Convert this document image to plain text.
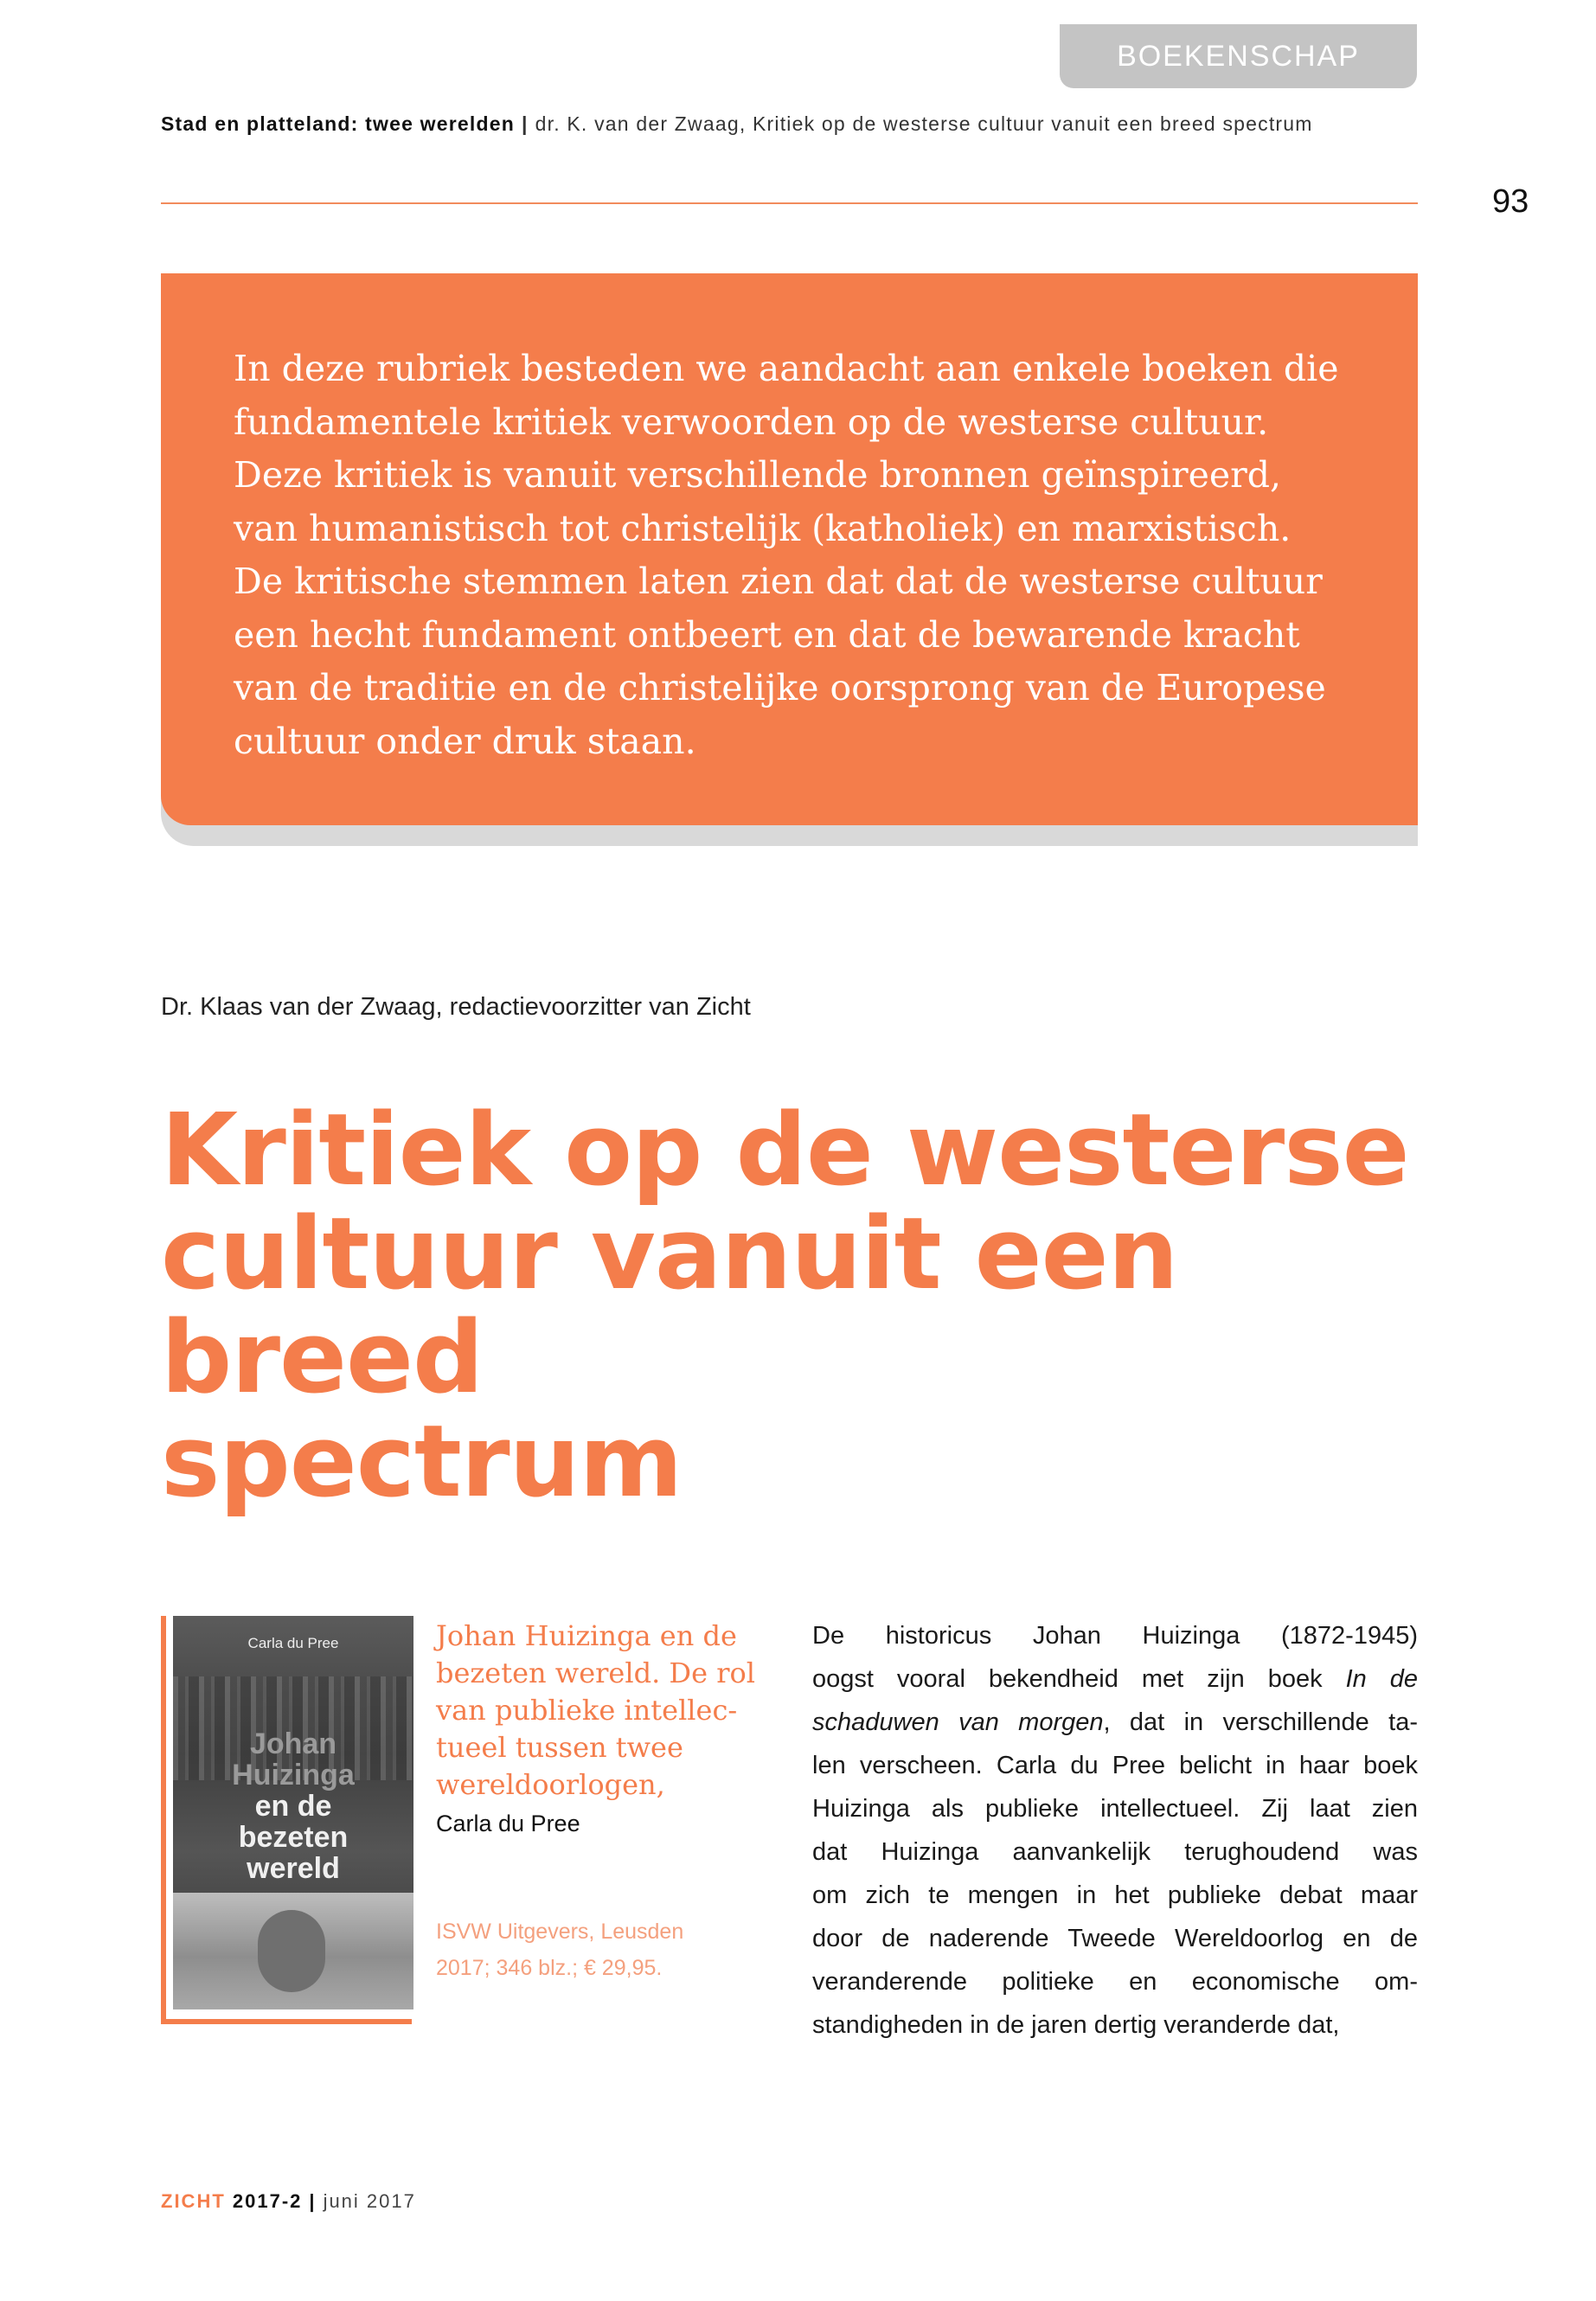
BOEKENSCHAP
Stad en platteland: twee werelden | dr. K. van der Zwaag, Kritiek op de westerse cultuur vanuit een breed spectrum
93
In deze rubriek besteden we aandacht aan enkele boeken die
fundamentele kritiek verwoorden op de westerse cultuur.
Deze kritiek is vanuit verschillende bronnen geïnspireerd,
van humanistisch tot christelijk (katholiek) en marxistisch.
De kritische stemmen laten zien dat dat de westerse cultuur
een hecht fundament ontbeert en dat de bewarende kracht
van de traditie en de christelijke oorsprong van de Europese
cultuur onder druk staan.
Dr. Klaas van der Zwaag, redactievoorzitter van Zicht
Kritiek op de westerse
cultuur vanuit een breed
spectrum
Carla du Pree
Johan
Huizinga
en de
bezeten
wereld
Johan Huizinga en de
bezeten wereld. De rol
van publieke intellec-
tueel tussen twee
wereldoorlogen,
Carla du Pree
ISVW Uitgevers, Leusden
2017; 346 blz.; € 29,95.
De historicus Johan Huizinga (1872-1945)
oogst vooral bekendheid met zijn boek In de
schaduwen van morgen, dat in verschillende ta-
len verscheen. Carla du Pree belicht in haar boek
Huizinga als publieke intellectueel. Zij laat zien
dat Huizinga aanvankelijk terughoudend was
om zich te mengen in het publieke debat maar
door de naderende Tweede Wereldoorlog en de
veranderende politieke en economische om-
standigheden in de jaren dertig veranderde dat,
ZICHT 2017-2 | juni 2017
